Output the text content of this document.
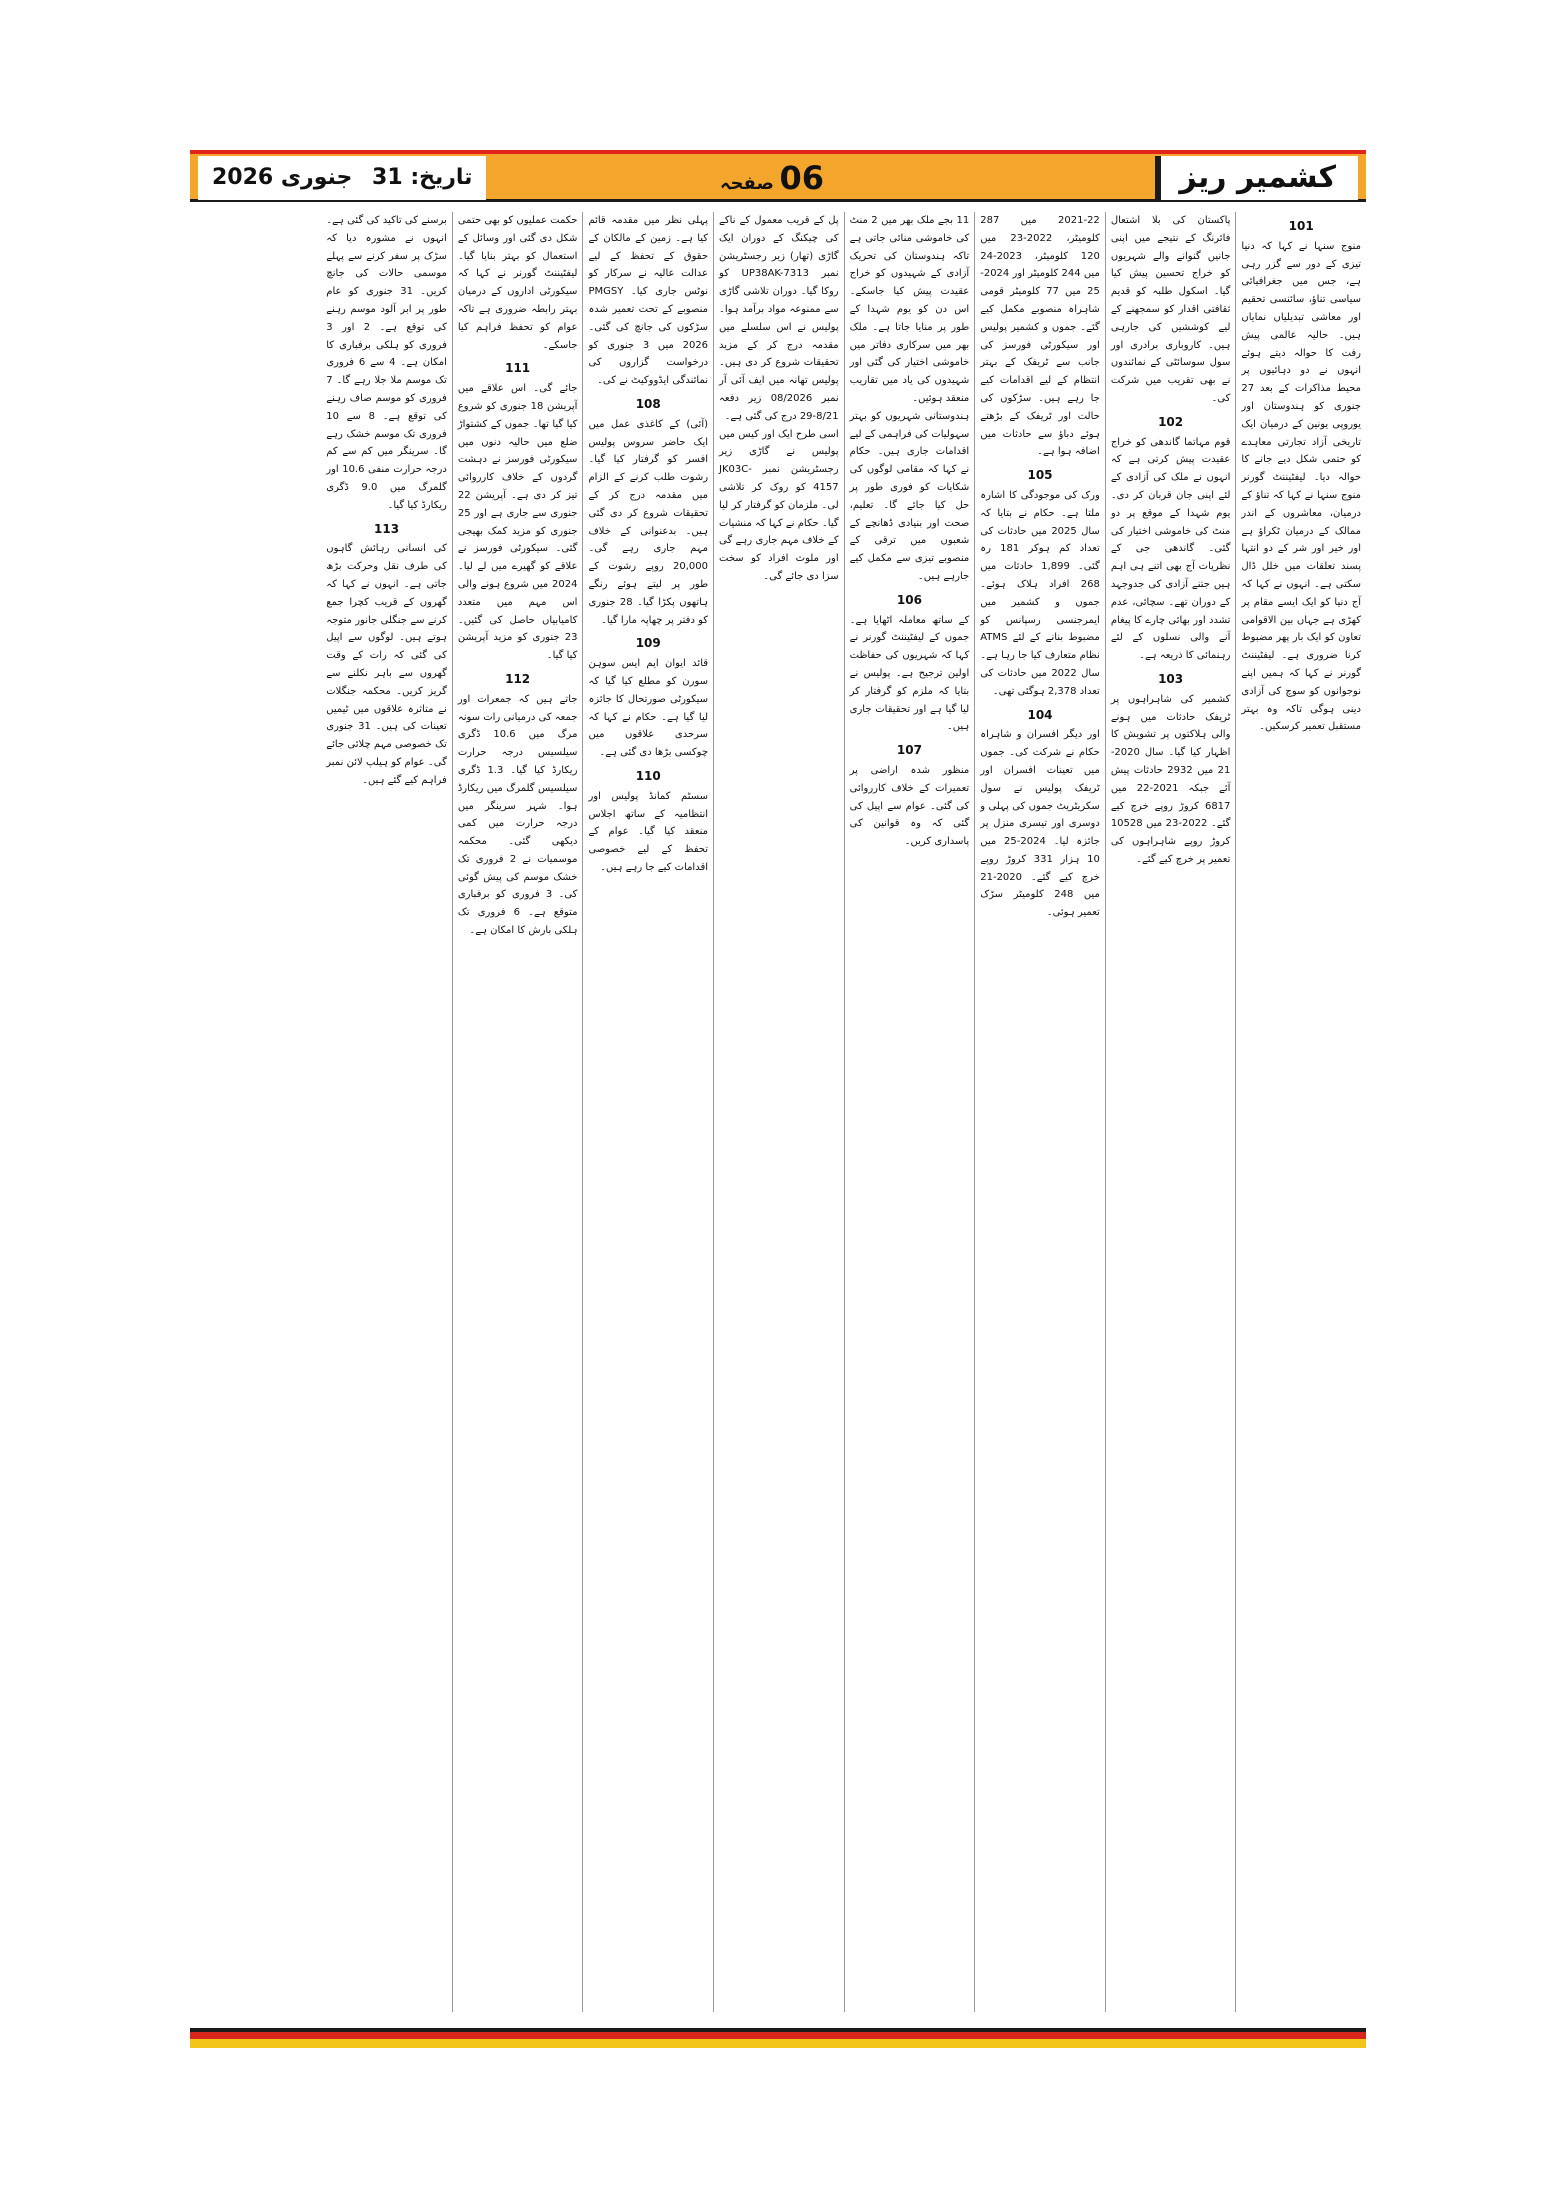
کشمیر ریز
06 صفحہ
تاریخ: 31 جنوری 2026
101
منوج سنہا نے کہا کہ دنیا تیزی کے دور سے گزر رہی ہے، جس میں جغرافیائی سیاسی تناؤ، سائنسی تحقیم اور معاشی تبدیلیاں نمایاں ہیں۔ حالیہ عالمی پیش رفت کا حوالہ دیتے ہوئے انہوں نے دو دہائیوں پر محیط مذاکرات کے بعد 27 جنوری کو ہندوستان اور یوروپی یونین کے درمیان ایک تاریخی آزاد تجارتی معاہدے کو حتمی شکل دیے جانے کا حوالہ دیا۔ لیفٹیننٹ گورنر منوج سنہا نے کہا کہ تناؤ کے درمیان، معاشروں کے اندر ممالک کے درمیان ٹکراؤ ہے اور خیر اور شر کے دو انتہا پسند تعلقات میں خلل ڈال سکتی ہے۔ انہوں نے کہا کہ آج دنیا کو ایک ایسے مقام پر کھڑی ہے جہاں بین الاقوامی تعاون کو ایک بار پھر مضبوط کرنا ضروری ہے۔ لیفٹیننٹ گورنر نے کہا کہ ہمیں اپنے نوجوانوں کو سوچ کی آزادی دینی ہوگی تاکہ وہ بہتر مستقبل تعمیر کرسکیں۔
پاکستان کی بلا اشتعال فائرنگ کے نتیجے میں اپنی جانیں گنوانے والے شہریوں کو خراج تحسین پیش کیا گیا۔ اسکول طلبہ کو قدیم ثقافتی اقدار کو سمجھنے کے لیے کوششیں کی جارہی ہیں۔ کاروباری برادری اور سول سوسائٹی کے نمائندوں نے بھی تقریب میں شرکت کی۔
102
قوم مہاتما گاندھی کو خراج عقیدت پیش کرتی ہے کہ انہوں نے ملک کی آزادی کے لئے اپنی جان قربان کر دی۔ یوم شہدا کے موقع پر دو منٹ کی خاموشی اختیار کی گئی۔ گاندھی جی کے نظریات آج بھی اتنے ہی اہم ہیں جتنے آزادی کی جدوجہد کے دوران تھے۔ سچائی، عدم تشدد اور بھائی چارے کا پیغام آنے والی نسلوں کے لئے رہنمائی کا ذریعہ ہے۔
103
کشمیر کی شاہراہوں پر ٹریفک حادثات میں ہونے والی ہلاکتوں پر تشویش کا اظہار کیا گیا۔ سال 2020-21 میں 2932 حادثات پیش آئے جبکہ 2021-22 میں 6817 کروڑ روپے خرچ کیے گئے۔ 2022-23 میں 10528 کروڑ روپے شاہراہوں کی تعمیر پر خرچ کیے گئے۔
2021-22 میں 287 کلومیٹر، 2022-23 میں 120 کلومیٹر، 2023-24 میں 244 کلومیٹر اور 2024-25 میں 77 کلومیٹر قومی شاہراہ منصوبے مکمل کیے گئے۔ جموں و کشمیر پولیس اور سیکورٹی فورسز کی جانب سے ٹریفک کے بہتر انتظام کے لیے اقدامات کیے جا رہے ہیں۔ سڑکوں کی حالت اور ٹریفک کے بڑھتے ہوئے دباؤ سے حادثات میں اضافہ ہوا ہے۔
105
ورک کی موجودگی کا اشارہ ملتا ہے۔ حکام نے بتایا کہ سال 2025 میں حادثات کی تعداد کم ہوکر 181 رہ گئی۔ 1,899 حادثات میں 268 افراد ہلاک ہوئے۔ جموں و کشمیر میں ایمرجنسی رسپانس کو مضبوط بنانے کے لئے ATMS نظام متعارف کیا جا رہا ہے۔ سال 2022 میں حادثات کی تعداد 2,378 ہوگئی تھی۔
104
اور دیگر افسران و شاہراہ حکام نے شرکت کی۔ جموں میں تعینات افسران اور ٹریفک پولیس نے سول سکریٹریٹ جموں کی پہلی و دوسری اور تیسری منزل پر جائزہ لیا۔ 2024-25 میں 10 ہزار 331 کروڑ روپے خرچ کیے گئے۔ 2020-21 میں 248 کلومیٹر سڑک تعمیر ہوئی۔
11 بجے ملک بھر میں 2 منٹ کی خاموشی منائی جاتی ہے تاکہ ہندوستان کی تحریک آزادی کے شہیدوں کو خراج عقیدت پیش کیا جاسکے۔ اس دن کو یوم شہدا کے طور پر منایا جاتا ہے۔ ملک بھر میں سرکاری دفاتر میں خاموشی اختیار کی گئی اور شہیدوں کی یاد میں تقاریب منعقد ہوئیں۔
ہندوستانی شہریوں کو بہتر سہولیات کی فراہمی کے لیے اقدامات جاری ہیں۔ حکام نے کہا کہ مقامی لوگوں کی شکایات کو فوری طور پر حل کیا جائے گا۔ تعلیم، صحت اور بنیادی ڈھانچے کے شعبوں میں ترقی کے منصوبے تیزی سے مکمل کیے جارہے ہیں۔
106
کے ساتھ معاملہ اٹھایا ہے۔ جموں کے لیفٹیننٹ گورنر نے کہا کہ شہریوں کی حفاظت اولین ترجیح ہے۔ پولیس نے بتایا کہ ملزم کو گرفتار کر لیا گیا ہے اور تحقیقات جاری ہیں۔
107
منظور شدہ اراضی پر تعمیرات کے خلاف کارروائی کی گئی۔ عوام سے اپیل کی گئی کہ وہ قوانین کی پاسداری کریں۔
پل کے قریب معمول کے ناکے کی چیکنگ کے دوران ایک گاڑی (تھار) زیر رجسٹریشن نمبر UP38AK-7313 کو روکا گیا۔ دوران تلاشی گاڑی سے ممنوعہ مواد برآمد ہوا۔ پولیس نے اس سلسلے میں مقدمہ درج کر کے مزید تحقیقات شروع کر دی ہیں۔ پولیس تھانہ میں ایف آئی آر نمبر 08/2026 زیر دفعہ 8/21-29 درج کی گئی ہے۔
اسی طرح ایک اور کیس میں پولیس نے گاڑی زیر رجسٹریشن نمبر JK03C-4157 کو روک کر تلاشی لی۔ ملزمان کو گرفتار کر لیا گیا۔ حکام نے کہا کہ منشیات کے خلاف مہم جاری رہے گی اور ملوث افراد کو سخت سزا دی جائے گی۔
پہلی نظر میں مقدمہ قائم کیا ہے۔ زمین کے مالکان کے حقوق کے تحفظ کے لیے عدالت عالیہ نے سرکار کو نوٹس جاری کیا۔ PMGSY منصوبے کے تحت تعمیر شدہ سڑکوں کی جانچ کی گئی۔ 2026 میں 3 جنوری کو درخواست گزاروں کی نمائندگی ایڈووکیٹ نے کی۔
108
(آئی) کے کاغذی عمل میں ایک حاضر سروس پولیس افسر کو گرفتار کیا گیا۔ رشوت طلب کرنے کے الزام میں مقدمہ درج کر کے تحقیقات شروع کر دی گئی ہیں۔ بدعنوانی کے خلاف مہم جاری رہے گی۔ 20,000 روپے رشوت کے طور پر لیتے ہوئے رنگے ہاتھوں پکڑا گیا۔ 28 جنوری کو دفتر پر چھاپہ مارا گیا۔
109
قائد ایوان ایم ایس سوہن سورن کو مطلع کیا گیا کہ سیکورٹی صورتحال کا جائزہ لیا گیا ہے۔ حکام نے کہا کہ سرحدی علاقوں میں چوکسی بڑھا دی گئی ہے۔
110
سسٹم کمانڈ پولیس اور انتظامیہ کے ساتھ اجلاس منعقد کیا گیا۔ عوام کے تحفظ کے لیے خصوصی اقدامات کیے جا رہے ہیں۔
حکمت عملیوں کو بھی حتمی شکل دی گئی اور وسائل کے استعمال کو بہتر بنایا گیا۔ لیفٹیننٹ گورنر نے کہا کہ سیکورٹی اداروں کے درمیان بہتر رابطہ ضروری ہے تاکہ عوام کو تحفظ فراہم کیا جاسکے۔
111
جائے گی۔ اس علاقے میں آپریشن 18 جنوری کو شروع کیا گیا تھا۔ جموں کے کشتواڑ ضلع میں حالیہ دنوں میں سیکورٹی فورسز نے دہشت گردوں کے خلاف کارروائی تیز کر دی ہے۔ آپریشن 22 جنوری سے جاری ہے اور 25 جنوری کو مزید کمک بھیجی گئی۔ سیکورٹی فورسز نے علاقے کو گھیرے میں لے لیا۔ 2024 میں شروع ہونے والی اس مہم میں متعدد کامیابیاں حاصل کی گئیں۔ 23 جنوری کو مزید آپریشن کیا گیا۔
112
جاتے ہیں کہ جمعرات اور جمعہ کی درمیانی رات سونہ مرگ میں 10.6 ڈگری سیلسیس درجہ حرارت ریکارڈ کیا گیا۔ 1.3 ڈگری سیلسیس گلمرگ میں ریکارڈ ہوا۔ شہر سرینگر میں درجہ حرارت میں کمی دیکھی گئی۔ محکمہ موسمیات نے 2 فروری تک خشک موسم کی پیش گوئی کی۔ 3 فروری کو برفباری متوقع ہے۔ 6 فروری تک ہلکی بارش کا امکان ہے۔
برسنے کی تاکید کی گئی ہے۔ انہوں نے مشورہ دیا کہ سڑک پر سفر کرنے سے پہلے موسمی حالات کی جانچ کریں۔ 31 جنوری کو عام طور پر ابر آلود موسم رہنے کی توقع ہے۔ 2 اور 3 فروری کو ہلکی برفباری کا امکان ہے۔ 4 سے 6 فروری تک موسم ملا جلا رہے گا۔ 7 فروری کو موسم صاف رہنے کی توقع ہے۔ 8 سے 10 فروری تک موسم خشک رہے گا۔ سرینگر میں کم سے کم درجہ حرارت منفی 10.6 اور گلمرگ میں 9.0 ڈگری ریکارڈ کیا گیا۔
113
کی انسانی رہائش گاہوں کی طرف نقل وحرکت بڑھ جاتی ہے۔ انہوں نے کہا کہ گھروں کے قریب کچرا جمع کرنے سے جنگلی جانور متوجہ ہوتے ہیں۔ لوگوں سے اپیل کی گئی کہ رات کے وقت گھروں سے باہر نکلنے سے گریز کریں۔ محکمہ جنگلات نے متاثرہ علاقوں میں ٹیمیں تعینات کی ہیں۔ 31 جنوری تک خصوصی مہم چلائی جائے گی۔ عوام کو ہیلپ لائن نمبر فراہم کیے گئے ہیں۔
